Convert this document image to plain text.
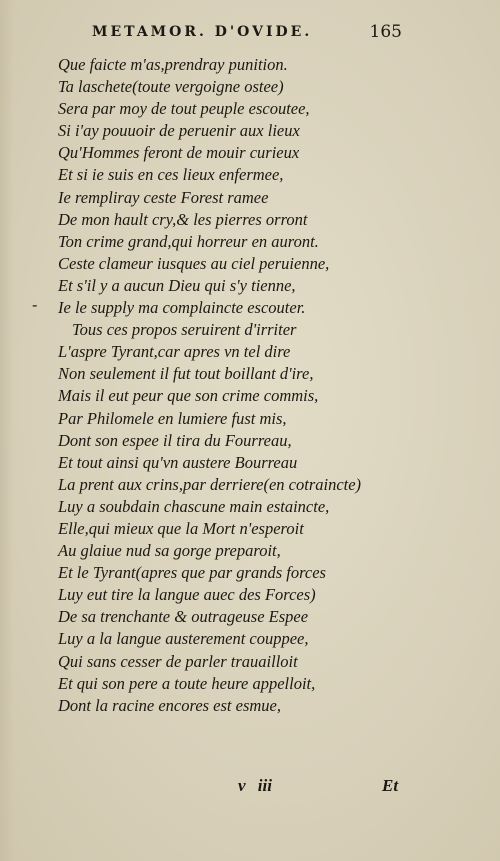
METAMOR. D'OVIDE.	165
-
Que faicte m'as,prendray punition.
Ta laschete(toute vergoigne ostee)
Sera par moy de tout peuple escoutee,
Si i'ay pouuoir de peruenir aux lieux
Qu'Hommes feront de mouir curieux
Et si ie suis en ces lieux enfermee,
Ie rempliray ceste Forest ramee
De mon hault cry,& les pierres orront
Ton crime grand,qui horreur en auront.
Ceste clameur iusques au ciel peruienne,
Et s'il y a aucun Dieu qui s'y tienne,
Ie le supply ma complaincte escouter.
Tous ces propos seruirent d'irriter
L'aspre Tyrant,car apres vn tel dire
Non seulement il fut tout boillant d'ire,
Mais il eut peur que son crime commis,
Par Philomele en lumiere fust mis,
Dont son espee il tira du Fourreau,
Et tout ainsi qu'vn austere Bourreau
La prent aux crins,par derriere(en cotraincte)
Luy a soubdain chascune main estaincte,
Elle,qui mieux que la Mort n'esperoit
Au glaiue nud sa gorge preparoit,
Et le Tyrant(apres que par grands forces
Luy eut tire la langue auec des Forces)
De sa trenchante & outrageuse Espee
Luy a la langue austerement couppee,
Qui sans cesser de parler trauailloit
Et qui son pere a toute heure appelloit,
Dont la racine encores est esmue,
v iii	Et
